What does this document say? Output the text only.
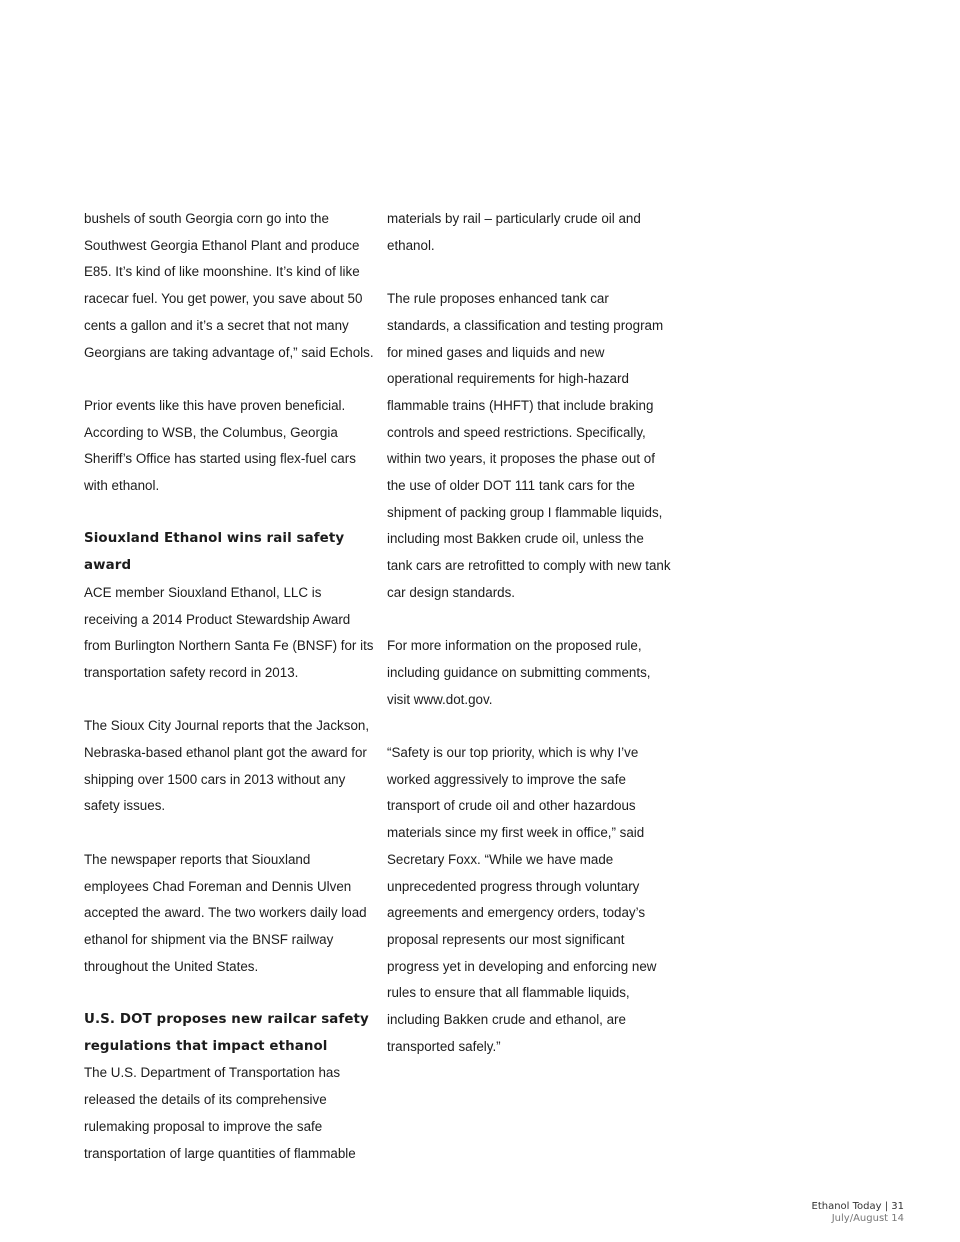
bushels of south Georgia corn go into the Southwest Georgia Ethanol Plant and produce E85. It’s kind of like moonshine. It’s kind of like racecar fuel. You get power, you save about 50 cents a gallon and it’s a secret that not many Georgians are taking advantage of,” said Echols.

Prior events like this have proven beneficial. According to WSB, the Columbus, Georgia Sheriff’s Office has started using flex-fuel cars with ethanol.

Siouxland Ethanol wins rail safety award

ACE member Siouxland Ethanol, LLC is receiving a 2014 Product Stewardship Award from Burlington Northern Santa Fe (BNSF) for its transportation safety record in 2013.

The Sioux City Journal reports that the Jackson, Nebraska-based ethanol plant got the award for shipping over 1500 cars in 2013 without any safety issues.

The newspaper reports that Siouxland employees Chad Foreman and Dennis Ulven accepted the award. The two workers daily load ethanol for shipment via the BNSF railway throughout the United States.

U.S. DOT proposes new railcar safety regulations that impact ethanol

The U.S. Department of Transportation has released the details of its comprehensive rulemaking proposal to improve the safe transportation of large quantities of flammable

materials by rail – particularly crude oil and ethanol.

The rule proposes enhanced tank car standards, a classification and testing program for mined gases and liquids and new operational requirements for high-hazard flammable trains (HHFT) that include braking controls and speed restrictions. Specifically, within two years, it proposes the phase out of the use of older DOT 111 tank cars for the shipment of packing group I flammable liquids, including most Bakken crude oil, unless the tank cars are retrofitted to comply with new tank car design standards.

For more information on the proposed rule, including guidance on submitting comments, visit www.dot.gov.

“Safety is our top priority, which is why I’ve worked aggressively to improve the safe transport of crude oil and other hazardous materials since my first week in office,” said Secretary Foxx. “While we have made unprecedented progress through voluntary agreements and emergency orders, today’s proposal represents our most significant progress yet in developing and enforcing new rules to ensure that all flammable liquids, including Bakken crude and ethanol, are transported safely.”

Ethanol Today | 31
July/August 14
